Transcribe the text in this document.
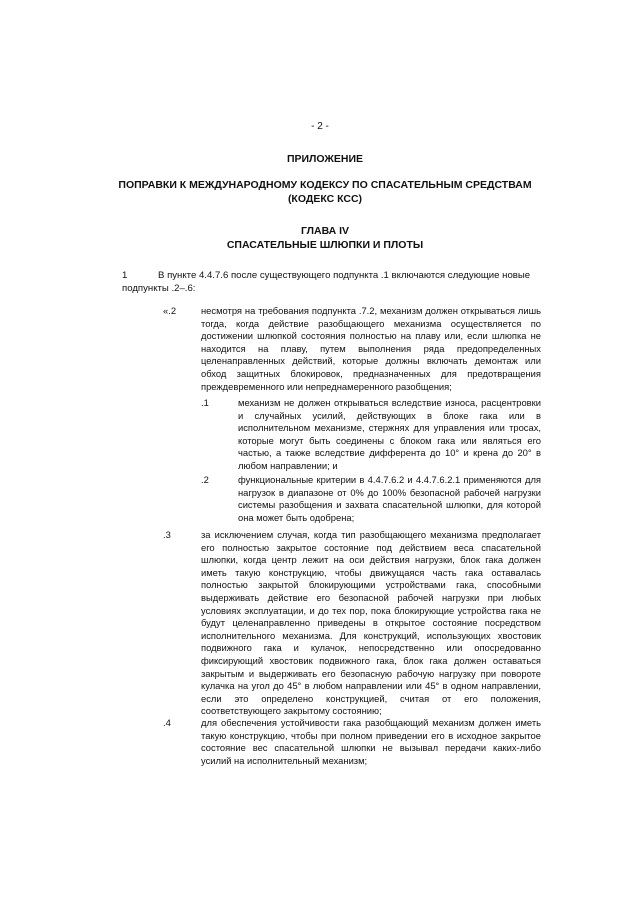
- 2 -
ПРИЛОЖЕНИЕ
ПОПРАВКИ К МЕЖДУНАРОДНОМУ КОДЕКСУ ПО СПАСАТЕЛЬНЫМ СРЕДСТВАМ
(КОДЕКС КСС)
ГЛАВА IV
СПАСАТЕЛЬНЫЕ ШЛЮПКИ И ПЛОТЫ
1	В пункте 4.4.7.6 после существующего подпункта .1 включаются следующие новые подпункты .2–.6:
«.2	несмотря на требования подпункта .7.2, механизм должен открываться лишь тогда, когда действие разобщающего механизма осуществляется по достижении шлюпкой состояния полностью на плаву или, если шлюпка не находится на плаву, путем выполнения ряда предопределенных целенаправленных действий, которые должны включать демонтаж или обход защитных блокировок, предназначенных для предотвращения преждевременного или непреднамеренного разобщения;
.1	механизм не должен открываться вследствие износа, расцентровки и случайных усилий, действующих в блоке гака или в исполнительном механизме, стержнях для управления или тросах, которые могут быть соединены с блоком гака или являться его частью, а также вследствие дифферента до 10° и крена до 20° в любом направлении; и
.2	функциональные критерии в 4.4.7.6.2 и 4.4.7.6.2.1 применяются для нагрузок в диапазоне от 0% до 100% безопасной рабочей нагрузки системы разобщения и захвата спасательной шлюпки, для которой она может быть одобрена;
.3	за исключением случая, когда тип разобщающего механизма предполагает его полностью закрытое состояние под действием веса спасательной шлюпки, когда центр лежит на оси действия нагрузки, блок гака должен иметь такую конструкцию, чтобы движущаяся часть гака оставалась полностью закрытой блокирующими устройствами гака, способными выдерживать действие его безопасной рабочей нагрузки при любых условиях эксплуатации, и до тех пор, пока блокирующие устройства гака не будут целенаправленно приведены в открытое состояние посредством исполнительного механизма. Для конструкций, использующих хвостовик подвижного гака и кулачок, непосредственно или опосредованно фиксирующий хвостовик подвижного гака, блок гака должен оставаться закрытым и выдерживать его безопасную рабочую нагрузку при повороте кулачка на угол до 45° в любом направлении или 45° в одном направлении, если это определено конструкцией, считая от его положения, соответствующего закрытому состоянию;
.4	для обеспечения устойчивости гака разобщающий механизм должен иметь такую конструкцию, чтобы при полном приведении его в исходное закрытое состояние вес спасательной шлюпки не вызывал передачи каких-либо усилий на исполнительный механизм;
